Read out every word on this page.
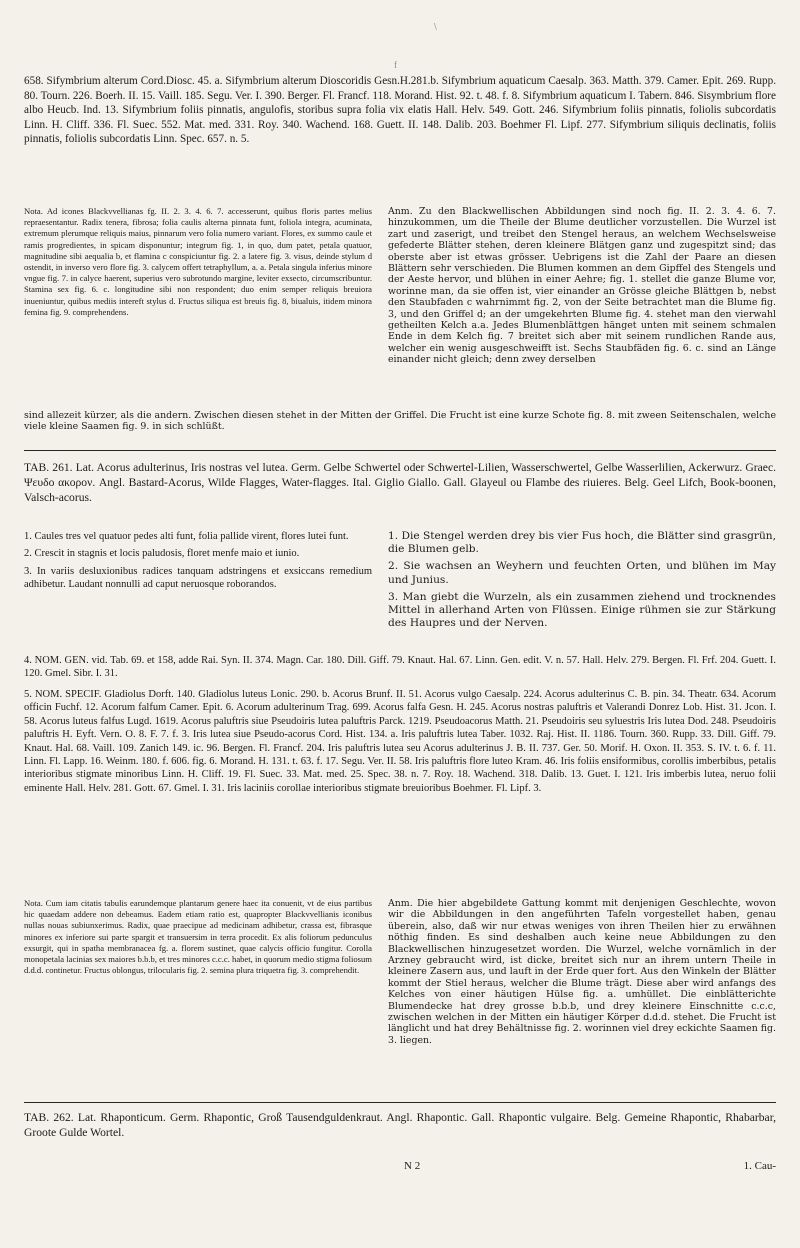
\
f

658. Sifymbrium alterum Cord.Diosc. 45. a. Sifymbrium alterum Dioscoridis Gesn.H.281.b. Sifymbrium aquaticum Caesalp. 363. Matth. 379. Camer. Epit. 269. Rupp. 80. Tourn. 226. Boerh. II. 15. Vaill. 185. Segu. Ver. I. 390. Berger. Fl. Francf. 118. Morand. Hist. 92. t. 48. f. 8. Sifymbrium aquaticum I. Tabern. 846. Sisymbrium flore albo Heucb. Ind. 13. Sifymbrium foliis pinnatis, angulofis, storibus supra folia vix elatis Hall. Helv. 549. Gott. 246. Sifymbrium foliis pinnatis, foliolis subcordatis Linn. H. Cliff. 336. Fl. Suec. 552. Mat. med. 331. Roy. 340. Wachend. 168. Guett. II. 148. Dalib. 203. Boehmer Fl. Lipf. 277. Sifymbrium siliquis declinatis, foliis pinnatis, foliolis subcordatis Linn. Spec. 657. n. 5.

Nota. Ad icones Blackvvellianas fg. II. 2. 3. 4. 6. 7. accesserunt, quibus floris partes melius repraesentantur. Radix tenera, fibrosa; folia caulis alterna pinnata funt, foliola integra, acuminata, extremum plerumque reliquis maius, pinnarum vero folia numero variant. Flores, ex summo caule et ramis progredientes, in spicam disponuntur; integrum fig. 1, in quo, dum patet, petala quatuor, magnitudine sibi aequalia b, et flamina c conspiciuntur fig. 2. a latere fig. 3. visus, deinde stylum d ostendit, in inverso vero flore fig. 3. calycem offert tetraphyllum, a. a. Petala singula inferius minore vngue fig. 7. in calyce haerent, superius vero subrotundo margine, leviter exsecto, circumscribuntur. Stamina sex fig. 6. c. longitudine sibi non respondent; duo enim semper reliquis breuiora inueniuntur, quibus mediis intereft stylus d. Fructus siliqua est breuis fig. 8, biualuis, itidem minora femina fig. 9. comprehendens.

Anm. Zu den Blackwellischen Abbildungen sind noch fig. II. 2. 3. 4. 6. 7. hinzukommen, um die Theile der Blume deutlicher vorzustellen. Die Wurzel ist zart und zaserigt, und treibet den Stengel heraus, an welchem Wechselsweise gefederte Blätter stehen, deren kleinere Blätgen ganz und zugespitzt sind; das oberste aber ist etwas grösser. Uebrigens ist die Zahl der Paare an diesen Blättern sehr verschieden. Die Blumen kommen an dem Gipffel des Stengels und der Aeste hervor, und blühen in einer Aehre; fig. 1. stellet die ganze Blume vor, worinne man, da sie offen ist, vier einander an Grösse gleiche Blättgen b, nebst den Staubfaden c wahrnimmt fig. 2, von der Seite betrachtet man die Blume fig. 3, und den Griffel d; an der umgekehrten Blume fig. 4. stehet man den vierwahl getheilten Kelch a.a. Jedes Blumenblättgen hänget unten mit seinem schmalen Ende in dem Kelch fig. 7 breitet sich aber mit seinem rundlichen Rande aus, welcher ein wenig ausgeschweifft ist. Sechs Staubfäden fig. 6. c. sind an Länge einander nicht gleich; denn zwey derselben

sind allezeit kürzer, als die andern. Zwischen diesen stehet in der Mitten der Griffel. Die Frucht ist eine kurze Schote fig. 8. mit zween Seitenschalen, welche viele kleine Saamen fig. 9. in sich schlüßt.

TAB. 261. Lat. Acorus adulterinus, Iris nostras vel lutea. Germ. Gelbe Schwertel oder Schwertel-Lilien, Wasserschwertel, Gelbe Wasserlilien, Ackerwurz. Graec. Ψευδο ακορον. Angl. Bastard-Acorus, Wilde Flagges, Water-flagges. Ital. Giglio Giallo. Gall. Glayeul ou Flambe des riuieres. Belg. Geel Lifch, Book-boonen, Valsch-acorus.

1. Caules tres vel quatuor pedes alti funt, folia pallide virent, flores lutei funt.

2. Crescit in stagnis et locis paludosis, floret menfe maio et iunio.

3. In variis desluxionibus radices tanquam adstringens et exsiccans remedium adhibetur. Laudant nonnulli ad caput neruosque roborandos.

1. Die Stengel werden drey bis vier Fus hoch, die Blätter sind grasgrün, die Blumen gelb.

2. Sie wachsen an Weyhern und feuchten Orten, und blühen im May und Junius.

3. Man giebt die Wurzeln, als ein zusammen ziehend und trocknendes Mittel in allerhand Arten von Flüssen. Einige rühmen sie zur Stärkung des Haupres und der Nerven.

4. NOM. GEN. vid. Tab. 69. et 158, adde Rai. Syn. II. 374. Magn. Car. 180. Dill. Giff. 79. Knaut. Hal. 67. Linn. Gen. edit. V. n. 57. Hall. Helv. 279. Bergen. Fl. Frf. 204. Guett. I. 120. Gmel. Sibr. I. 31.

5. NOM. SPECIF. Gladiolus Dorft. 140. Gladiolus luteus Lonic. 290. b. Acorus Brunf. II. 51. Acorus vulgo Caesalp. 224. Acorus adulterinus C. B. pin. 34. Theatr. 634. Acorum officin Fuchf. 12. Acorum falfum Camer. Epit. 6. Acorum adulterinum Trag. 699. Acorus falfa Gesn. H. 245. Acorus nostras paluftris et Valerandi Donrez Lob. Hist. 31. Jcon. I. 58. Acorus luteus falfus Lugd. 1619. Acorus paluftris siue Pseudoiris lutea paluftris Parck. 1219. Pseudoacorus Matth. 21. Pseudoiris seu syluestris Iris lutea Dod. 248. Pseudoiris paluftris H. Eyft. Vern. O. 8. F. 7. f. 3. Iris lutea siue Pseudo-acorus Cord. Hist. 134. a. Iris paluftris lutea Taber. 1032. Raj. Hist. II. 1186. Tourn. 360. Rupp. 33. Dill. Giff. 79. Knaut. Hal. 68. Vaill. 109. Zanich 149. ic. 96. Bergen. Fl. Francf. 204. Iris paluftris lutea seu Acorus adulterinus J. B. II. 737. Ger. 50. Morif. H. Oxon. II. 353. S. IV. t. 6. f. 11. Linn. Fl. Lapp. 16. Weinm. 180. f. 606. fig. 6. Morand. H. 131. t. 63. f. 17. Segu. Ver. II. 58. Iris paluftris flore luteo Kram. 46. Iris foliis ensiformibus, corollis imberbibus, petalis interioribus stigmate minoribus Linn. H. Cliff. 19. Fl. Suec. 33. Mat. med. 25. Spec. 38. n. 7. Roy. 18. Wachend. 318. Dalib. 13. Guet. I. 121. Iris imberbis lutea, neruo folii eminente Hall. Helv. 281. Gott. 67. Gmel. I. 31. Iris laciniis corollae interioribus stigmate breuioribus Boehmer. Fl. Lipf. 3.

Nota. Cum iam citatis tabulis earundemque plantarum genere haec ita conuenit, vt de eius partibus hic quaedam addere non debeamus. Eadem etiam ratio est, quapropter Blackvvellianis iconibus nullas nouas subiunxerimus. Radix, quae praecipue ad medicinam adhibetur, crassa est, fibrasque minores ex inferiore sui parte spargit et transuersim in terra procedit. Ex alis foliorum pedunculus exsurgit, qui in spatha membranacea fg. a. florem sustinet, quae calycis officio fungitur. Corolla monopetala lacinias sex maiores b.b.b, et tres minores c.c.c. habet, in quorum medio stigma foliosum d.d.d. continetur. Fructus oblongus, trilocularis fig. 2. semina plura triquetra fig. 3. comprehendit.

Anm. Die hier abgebildete Gattung kommt mit denjenigen Geschlechte, wovon wir die Abbildungen in den angeführten Tafeln vorgestellet haben, genau überein, also, daß wir nur etwas weniges von ihren Theilen hier zu erwähnen nöthig finden. Es sind deshalben auch keine neue Abbildungen zu den Blackwellischen hinzugesetzet worden. Die Wurzel, welche vornämlich in der Arzney gebraucht wird, ist dicke, breitet sich nur an ihrem untern Theile in kleinere Zasern aus, und lauft in der Erde quer fort. Aus den Winkeln der Blätter kommt der Stiel heraus, welcher die Blume trägt. Diese aber wird anfangs des Kelches von einer häutigen Hülse fig. a. umhüllet. Die einblätterichte Blumendecke hat drey grosse b.b.b, und drey kleinere Einschnitte c.c.c, zwischen welchen in der Mitten ein häutiger Körper d.d.d. stehet. Die Frucht ist länglicht und hat drey Behältnisse fig. 2. worinnen viel drey eckichte Saamen fig. 3. liegen.

TAB. 262. Lat. Rhaponticum. Germ. Rhapontic, Groß Tausendguldenkraut. Angl. Rhapontic. Gall. Rhapontic vulgaire. Belg. Gemeine Rhapontic, Rhabarbar, Groote Gulde Wortel.

N 2	1. Cau-
